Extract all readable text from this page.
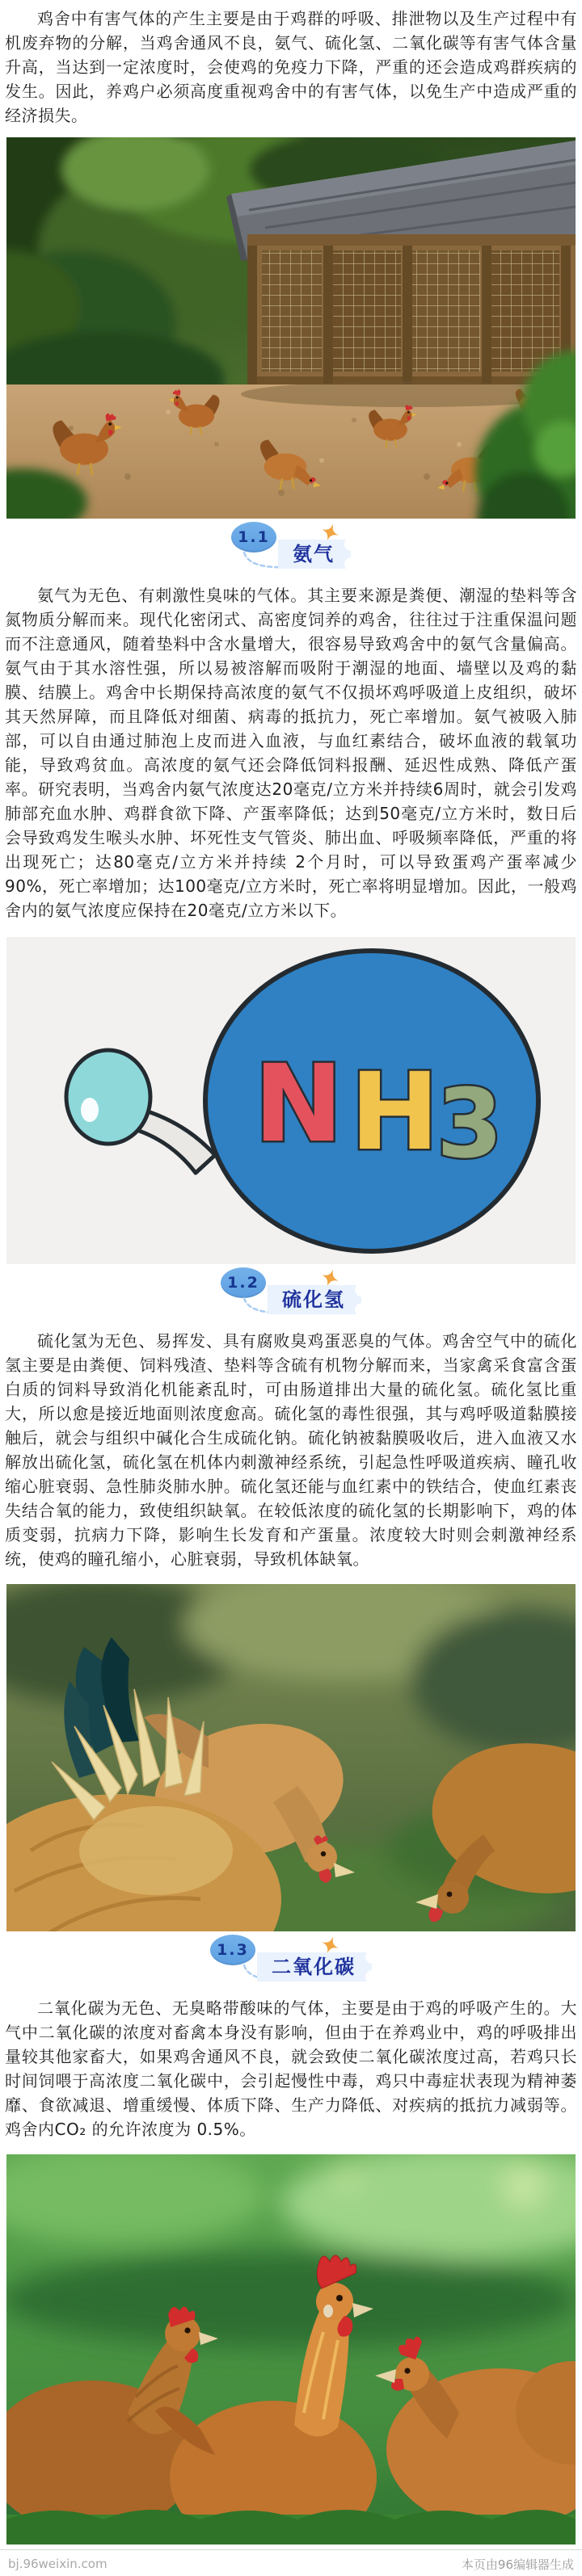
鸡舍中有害气体的产生主要是由于鸡群的呼吸、排泄物以及生产过程中有机废弃物的分解，当鸡舍通风不良，氨气、硫化氢、二氧化碳等有害气体含量升高，当达到一定浓度时，会使鸡的免疫力下降，严重的还会造成鸡群疾病的发生。因此，养鸡户必须高度重视鸡舍中的有害气体，以免生产中造成严重的经济损失。

1.1
氨气

氨气为无色、有刺激性臭味的气体。其主要来源是粪便、潮湿的垫料等含氮物质分解而来。现代化密闭式、高密度饲养的鸡舍，往往过于注重保温问题而不注意通风，随着垫料中含水量增大，很容易导致鸡舍中的氨气含量偏高。氨气由于其水溶性强，所以易被溶解而吸附于潮湿的地面、墙壁以及鸡的黏膜、结膜上。鸡舍中长期保持高浓度的氨气不仅损坏鸡呼吸道上皮组织，破坏其天然屏障，而且降低对细菌、病毒的抵抗力，死亡率增加。氨气被吸入肺部，可以自由通过肺泡上皮而进入血液，与血红素结合，破坏血液的载氧功能，导致鸡贫血。高浓度的氨气还会降低饲料报酬、延迟性成熟、降低产蛋率。研究表明，当鸡舍内氨气浓度达20毫克/立方米并持续6周时，就会引发鸡肺部充血水肿、鸡群食欲下降、产蛋率降低；达到50毫克/立方米时，数日后会导致鸡发生喉头水肿、坏死性支气管炎、肺出血、呼吸频率降低，严重的将出现死亡；达80毫克/立方米并持续 2个月时，可以导致蛋鸡产蛋率减少90%，死亡率增加；达100毫克/立方米时，死亡率将明显增加。因此，一般鸡舍内的氨气浓度应保持在20毫克/立方米以下。

N H
3
1.2
硫化氢

硫化氢为无色、易挥发、具有腐败臭鸡蛋恶臭的气体。鸡舍空气中的硫化氢主要是由粪便、饲料残渣、垫料等含硫有机物分解而来，当家禽采食富含蛋白质的饲料导致消化机能紊乱时，可由肠道排出大量的硫化氢。硫化氢比重大，所以愈是接近地面则浓度愈高。硫化氢的毒性很强，其与鸡呼吸道黏膜接触后，就会与组织中碱化合生成硫化钠。硫化钠被黏膜吸收后，进入血液又水解放出硫化氢，硫化氢在机体内刺激神经系统，引起急性呼吸道疾病、瞳孔收缩心脏衰弱、急性肺炎肺水肿。硫化氢还能与血红素中的铁结合，使血红素丧失结合氧的能力，致使组织缺氧。在较低浓度的硫化氢的长期影响下，鸡的体质变弱，抗病力下降，影响生长发育和产蛋量。浓度较大时则会刺激神经系统，使鸡的瞳孔缩小，心脏衰弱，导致机体缺氧。

1.3
二氧化碳

二氧化碳为无色、无臭略带酸味的气体，主要是由于鸡的呼吸产生的。大气中二氧化碳的浓度对畜禽本身没有影响，但由于在养鸡业中，鸡的呼吸排出量较其他家畜大，如果鸡舍通风不良，就会致使二氧化碳浓度过高，若鸡只长时间饲喂于高浓度二氧化碳中，会引起慢性中毒，鸡只中毒症状表现为精神萎靡、食欲减退、增重缓慢、体质下降、生产力降低、对疾病的抵抗力减弱等。鸡舍内CO₂ 的允许浓度为 0.5%。

bj.96weixin.com	本页由96编辑器生成
